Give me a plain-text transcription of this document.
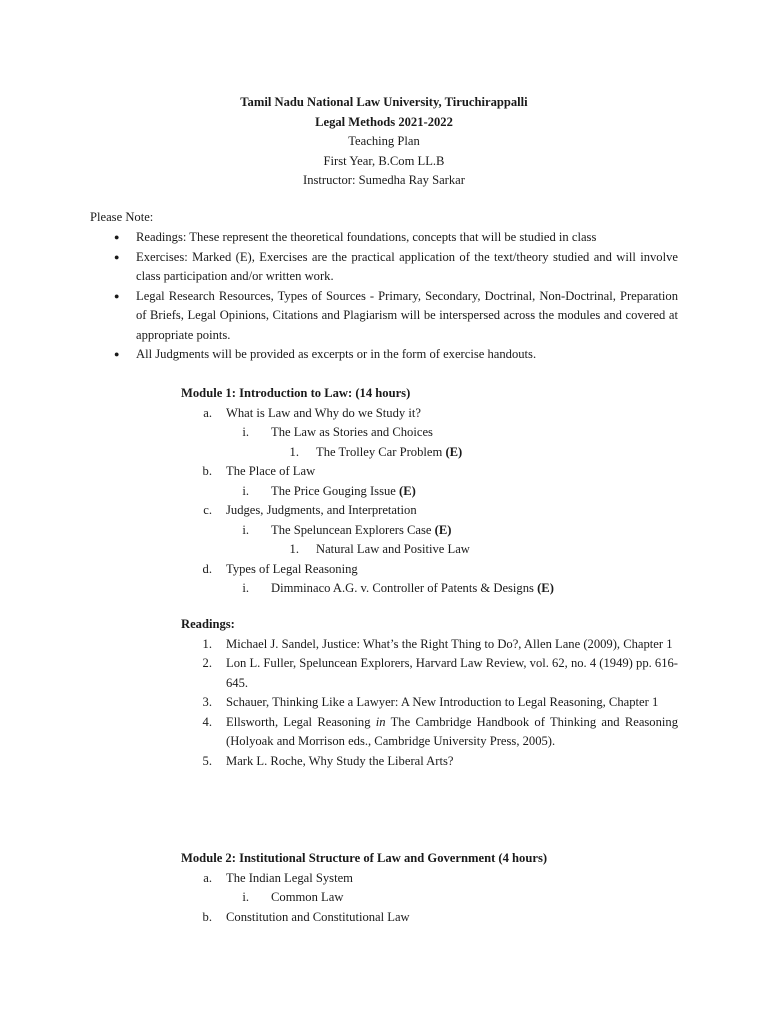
Tamil Nadu National Law University, Tiruchirappalli
Legal Methods 2021-2022
Teaching Plan
First Year, B.Com LL.B
Instructor: Sumedha Ray Sarkar
Please Note:
● Readings: These represent the theoretical foundations, concepts that will be studied in class
● Exercises: Marked (E), Exercises are the practical application of the text/theory studied and will involve class participation and/or written work.
● Legal Research Resources, Types of Sources - Primary, Secondary, Doctrinal, Non-Doctrinal, Preparation of Briefs, Legal Opinions, Citations and Plagiarism will be interspersed across the modules and covered at appropriate points.
● All Judgments will be provided as excerpts or in the form of exercise handouts.
Module 1: Introduction to Law: (14 hours)
a. What is Law and Why do we Study it?
i. The Law as Stories and Choices
1. The Trolley Car Problem (E)
b. The Place of Law
i. The Price Gouging Issue (E)
c. Judges, Judgments, and Interpretation
i. The Speluncean Explorers Case (E)
1. Natural Law and Positive Law
d. Types of Legal Reasoning
i. Dimminaco A.G. v. Controller of Patents & Designs (E)
Readings:
1. Michael J. Sandel, Justice: What’s the Right Thing to Do?, Allen Lane (2009), Chapter 1
2. Lon L. Fuller, Speluncean Explorers, Harvard Law Review, vol. 62, no. 4 (1949) pp. 616-645.
3. Schauer, Thinking Like a Lawyer: A New Introduction to Legal Reasoning, Chapter 1
4. Ellsworth, Legal Reasoning in The Cambridge Handbook of Thinking and Reasoning (Holyoak and Morrison eds., Cambridge University Press, 2005).
5. Mark L. Roche, Why Study the Liberal Arts?
Module 2: Institutional Structure of Law and Government (4 hours)
a. The Indian Legal System
i. Common Law
b. Constitution and Constitutional Law
